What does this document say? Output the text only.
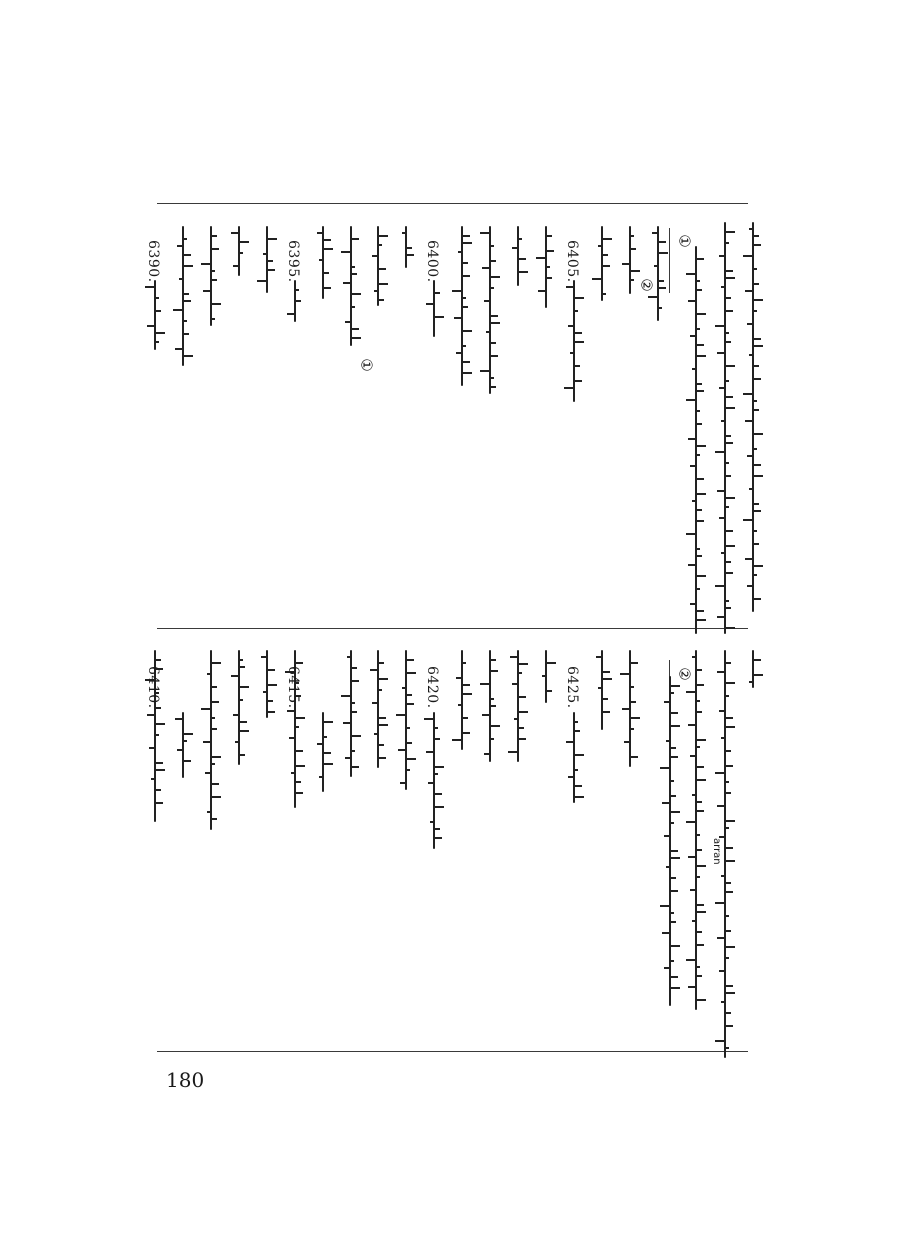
6405.
6400.
6395.
6390.	①
②
①
6425.
6420.
6415.
6410.	②
arran
180
